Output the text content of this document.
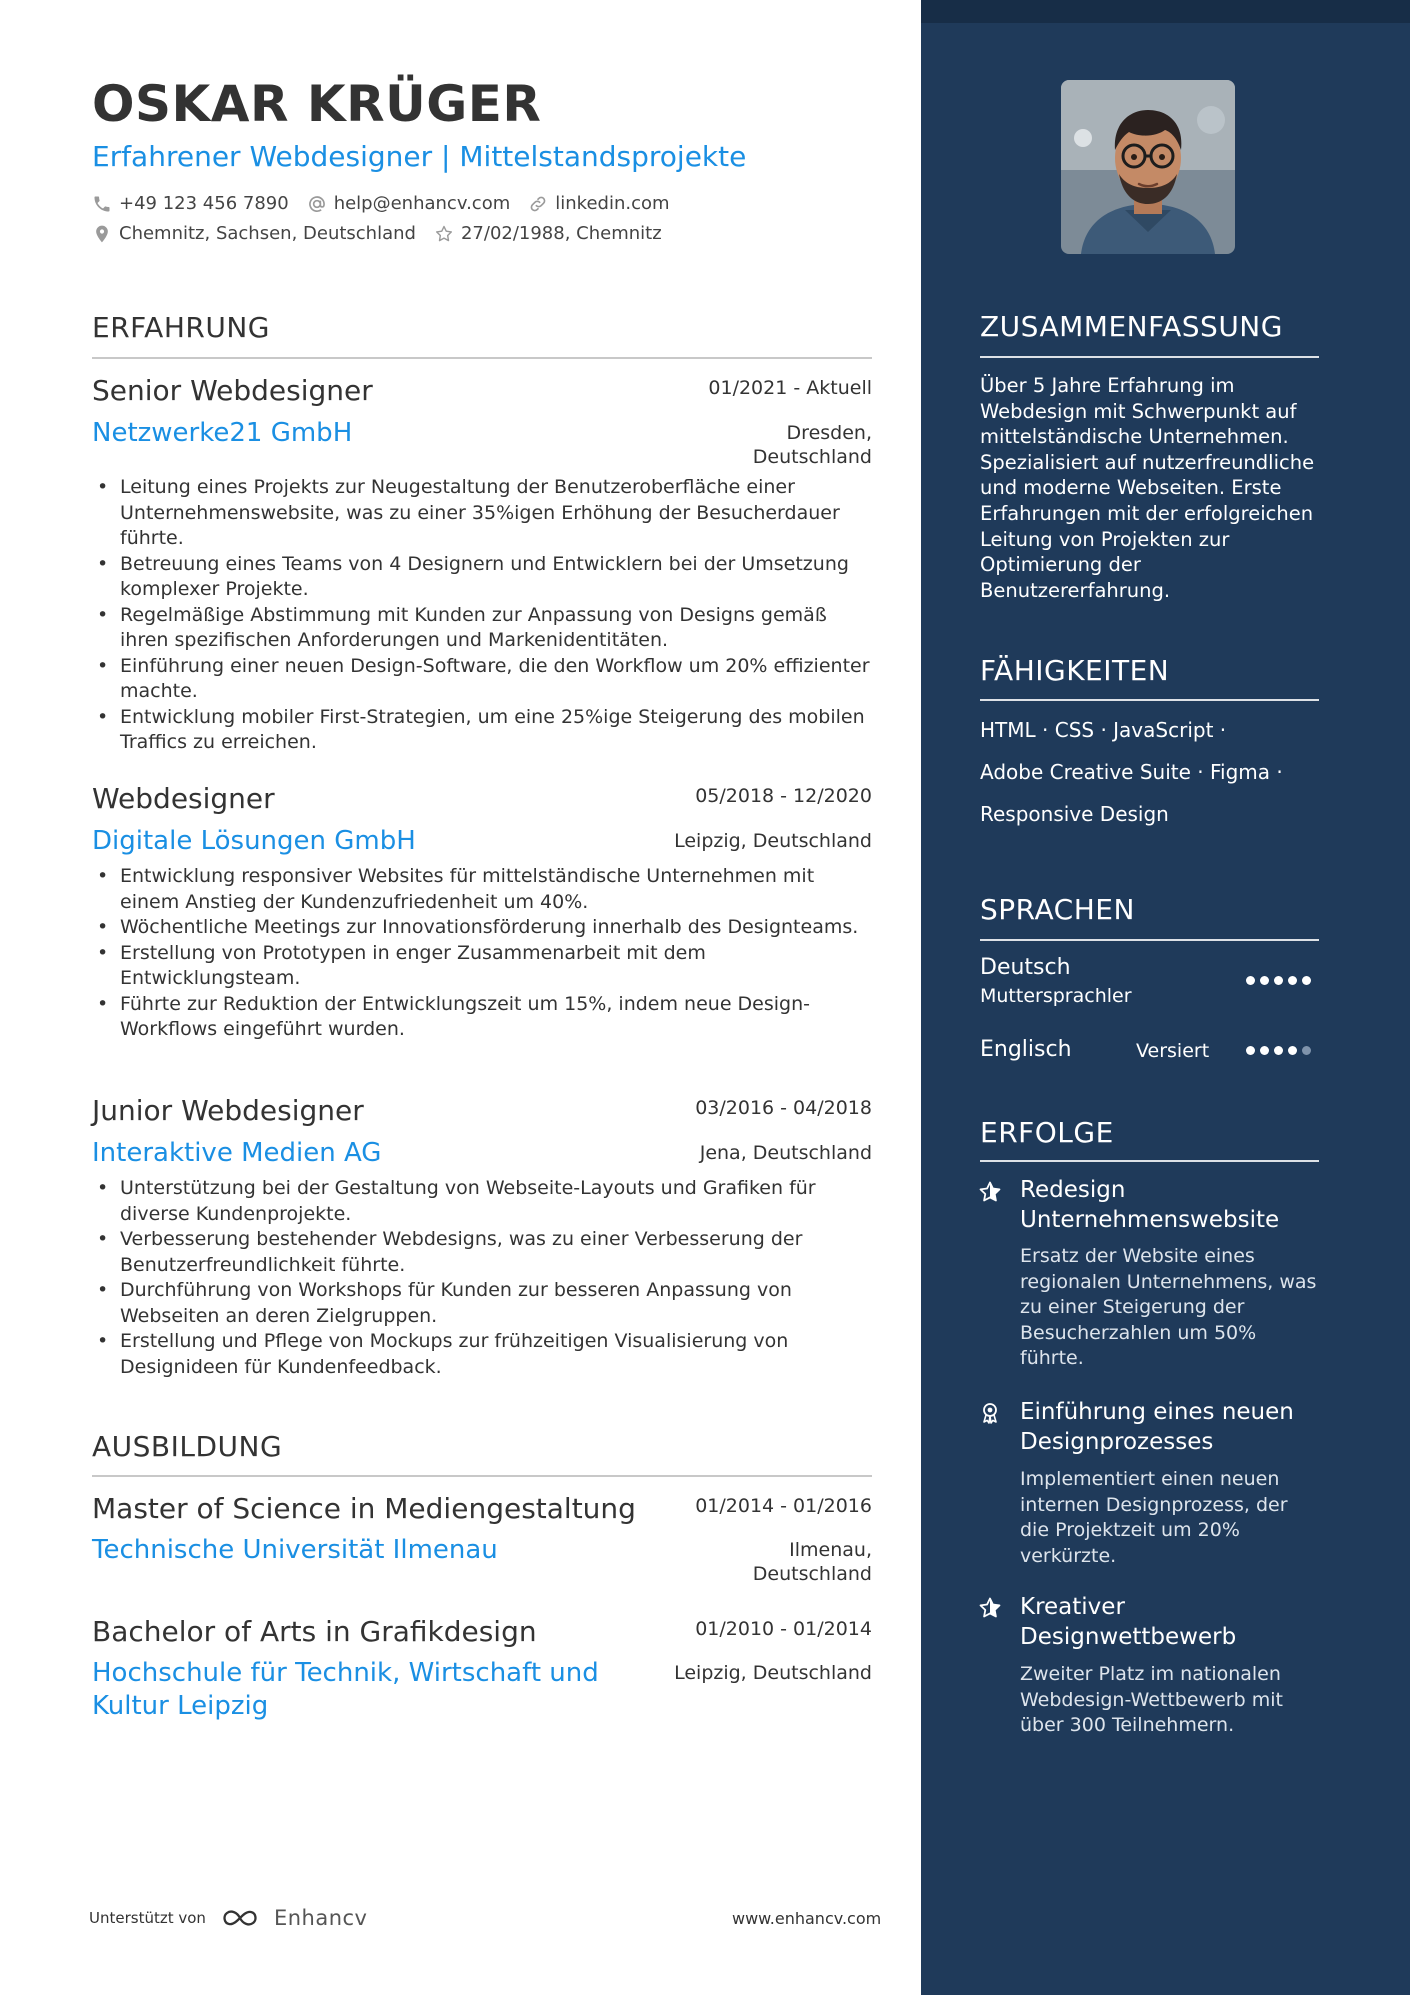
OSKAR KRÜGER
Erfahrener Webdesigner | Mittelstandsprojekte
+49 123 456 7890	help@enhancv.com	linkedin.com
Chemnitz, Sachsen, Deutschland	27/02/1988, Chemnitz
ERFAHRUNG
Senior Webdesigner	01/2021 - Aktuell
Netzwerke21 GmbH	Dresden,
Deutschland
• Leitung eines Projekts zur Neugestaltung der Benutzeroberfläche einer Unternehmenswebsite, was zu einer 35%igen Erhöhung der Besucherdauer führte.
• Betreuung eines Teams von 4 Designern und Entwicklern bei der Umsetzung komplexer Projekte.
• Regelmäßige Abstimmung mit Kunden zur Anpassung von Designs gemäß ihren spezifischen Anforderungen und Markenidentitäten.
• Einführung einer neuen Design-Software, die den Workflow um 20% effizienter machte.
• Entwicklung mobiler First-Strategien, um eine 25%ige Steigerung des mobilen Traffics zu erreichen.
Webdesigner	05/2018 - 12/2020
Digitale Lösungen GmbH	Leipzig, Deutschland
• Entwicklung responsiver Websites für mittelständische Unternehmen mit einem Anstieg der Kundenzufriedenheit um 40%.
• Wöchentliche Meetings zur Innovationsförderung innerhalb des Designteams.
• Erstellung von Prototypen in enger Zusammenarbeit mit dem Entwicklungsteam.
• Führte zur Reduktion der Entwicklungszeit um 15%, indem neue Design-Workflows eingeführt wurden.
Junior Webdesigner	03/2016 - 04/2018
Interaktive Medien AG	Jena, Deutschland
• Unterstützung bei der Gestaltung von Webseite-Layouts und Grafiken für diverse Kundenprojekte.
• Verbesserung bestehender Webdesigns, was zu einer Verbesserung der Benutzerfreundlichkeit führte.
• Durchführung von Workshops für Kunden zur besseren Anpassung von Webseiten an deren Zielgruppen.
• Erstellung und Pflege von Mockups zur frühzeitigen Visualisierung von Designideen für Kundenfeedback.
AUSBILDUNG
Master of Science in Mediengestaltung	01/2014 - 01/2016
Technische Universität Ilmenau	Ilmenau,
Deutschland
Bachelor of Arts in Grafikdesign	01/2010 - 01/2014
Hochschule für Technik, Wirtschaft und Kultur Leipzig
Leipzig, Deutschland
Unterstützt von	Enhancv	www.enhancv.com
ZUSAMMENFASSUNG
Über 5 Jahre Erfahrung im Webdesign mit Schwerpunkt auf mittelständische Unternehmen. Spezialisiert auf nutzerfreundliche und moderne Webseiten. Erste Erfahrungen mit der erfolgreichen Leitung von Projekten zur Optimierung der Benutzererfahrung.
FÄHIGKEITEN
HTML · CSS · JavaScript ·
Adobe Creative Suite · Figma ·
Responsive Design
SPRACHEN
Deutsch
Muttersprachler
Englisch	Versiert
ERFOLGE
Redesign Unternehmenswebsite
Ersatz der Website eines regionalen Unternehmens, was zu einer Steigerung der Besucherzahlen um 50% führte.
Einführung eines neuen Designprozesses
Implementiert einen neuen internen Designprozess, der die Projektzeit um 20% verkürzte.
Kreativer Designwettbewerb
Zweiter Platz im nationalen Webdesign-Wettbewerb mit über 300 Teilnehmern.
